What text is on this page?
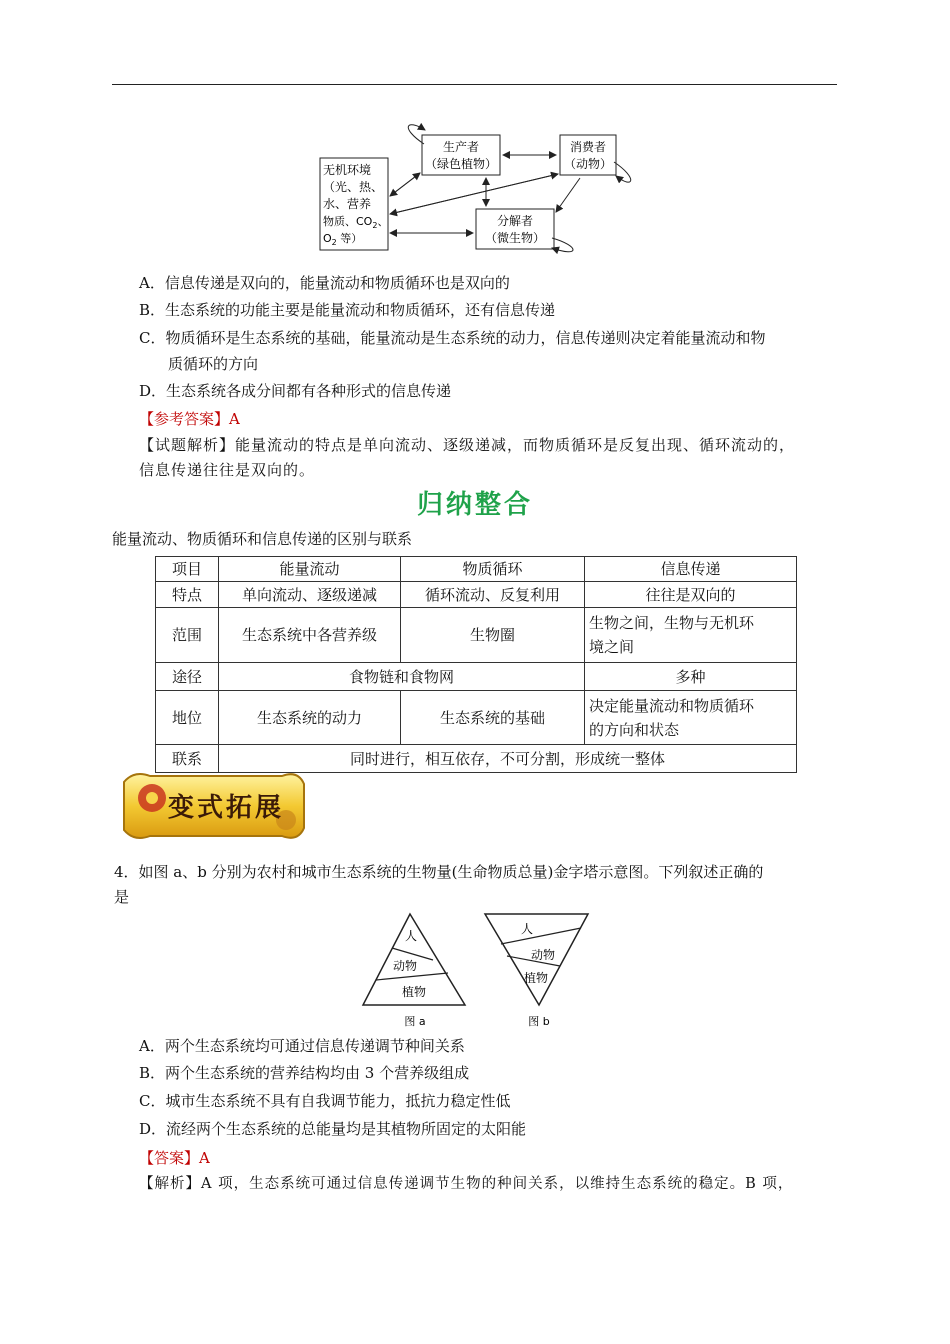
生产者
（绿色植物）
消费者
（动物）
分解者
（微生物）
无机环境
（光、热、
水、营养
物质、$CO_2$、
$O_2$ 等）
A．信息传递是双向的，能量流动和物质循环也是双向的
B．生态系统的功能主要是能量流动和物质循环，还有信息传递
C．物质循环是生态系统的基础，能量流动是生态系统的动力，信息传递则决定着能量流动和物
质循环的方向
D．生态系统各成分间都有各种形式的信息传递
【参考答案】A
【试题解析】能量流动的特点是单向流动、逐级递减，而物质循环是反复出现、循环流动的，
信息传递往往是双向的。
归纳整合
能量流动、物质循环和信息传递的区别与联系
项目	能量流动	物质循环	信息传递
特点	单向流动、逐级递减	循环流动、反复利用	往往是双向的
范围	生态系统中各营养级	生物圈	生物之间，生物与无机环
境之间
途径	食物链和食物网		多种
地位	生态系统的动力	生态系统的基础	决定能量流动和物质循环
的方向和状态
联系	同时进行，相互依存，不可分割，形成统一整体		
变式拓展
4．如图 a、b 分别为农村和城市生态系统的生物量(生命物质总量)金字塔示意图。下列叙述正确的
是
人
动物
植物
图 a
人
动物
植物
图 b
A．两个生态系统均可通过信息传递调节种间关系
B．两个生态系统的营养结构均由 3 个营养级组成
C．城市生态系统不具有自我调节能力，抵抗力稳定性低
D．流经两个生态系统的总能量均是其植物所固定的太阳能
【答案】A
【解析】A 项，生态系统可通过信息传递调节生物的种间关系，以维持生态系统的稳定。B 项，
